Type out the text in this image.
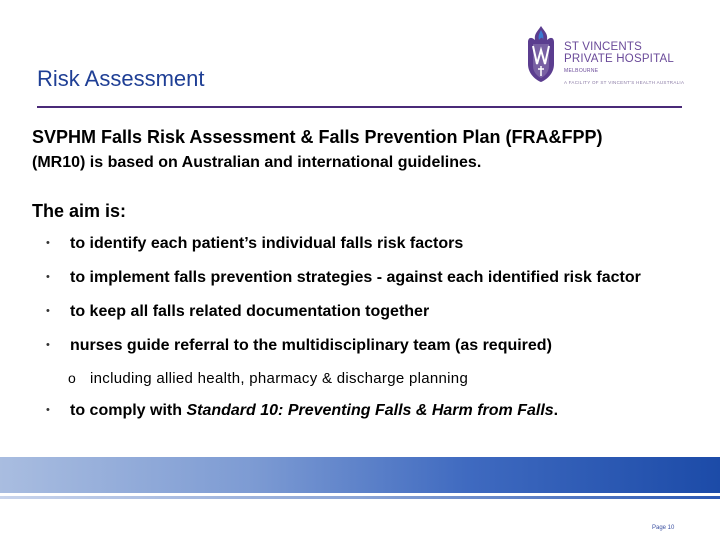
ST VINCENTS
PRIVATE HOSPITAL
MELBOURNE
A FACILITY OF ST VINCENT'S HEALTH AUSTRALIA
Risk Assessment
SVPHM Falls Risk Assessment & Falls Prevention Plan (FRA&FPP)
(MR10) is based on Australian and international guidelines.
The aim is:
• to identify each patient’s individual falls risk factors
• to implement falls prevention strategies - against each identified risk factor
• to keep all falls related documentation together
• nurses guide referral to the multidisciplinary team (as required)
o including allied health, pharmacy & discharge planning
• to comply with Standard 10: Preventing Falls & Harm from Falls.
Page 10
